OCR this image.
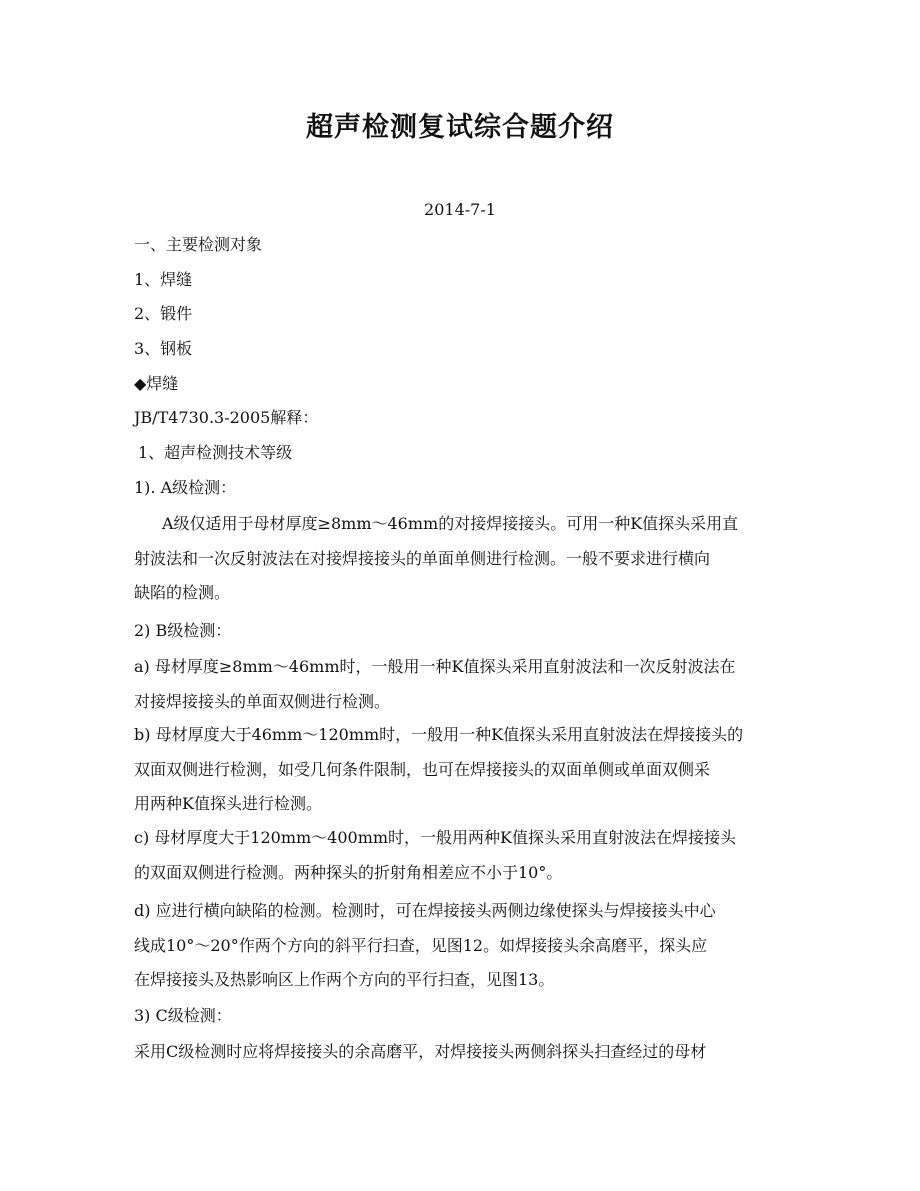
超声检测复试综合题介绍
2014-7-1
一、主要检测对象
1、焊缝
2、锻件
3、钢板
◆焊缝
JB/T4730.3-2005解释：
1、超声检测技术等级
1). A级检测：
A级仅适用于母材厚度≥8mm～46mm的对接焊接接头。可用一种K值探头采用直
射波法和一次反射波法在对接焊接接头的单面单侧进行检测。一般不要求进行横向
缺陷的检测。
2) B级检测：
a) 母材厚度≥8mm～46mm时，一般用一种K值探头采用直射波法和一次反射波法在
对接焊接接头的单面双侧进行检测。
b) 母材厚度大于46mm～120mm时，一般用一种K值探头采用直射波法在焊接接头的
双面双侧进行检测，如受几何条件限制，也可在焊接接头的双面单侧或单面双侧采
用两种K值探头进行检测。
c) 母材厚度大于120mm～400mm时，一般用两种K值探头采用直射波法在焊接接头
的双面双侧进行检测。两种探头的折射角相差应不小于10°。
d) 应进行横向缺陷的检测。检测时，可在焊接接头两侧边缘使探头与焊接接头中心
线成10°～20°作两个方向的斜平行扫查，见图12。如焊接接头余高磨平，探头应
在焊接接头及热影响区上作两个方向的平行扫查，见图13。
3) C级检测：
采用C级检测时应将焊接接头的余高磨平，对焊接接头两侧斜探头扫查经过的母材
